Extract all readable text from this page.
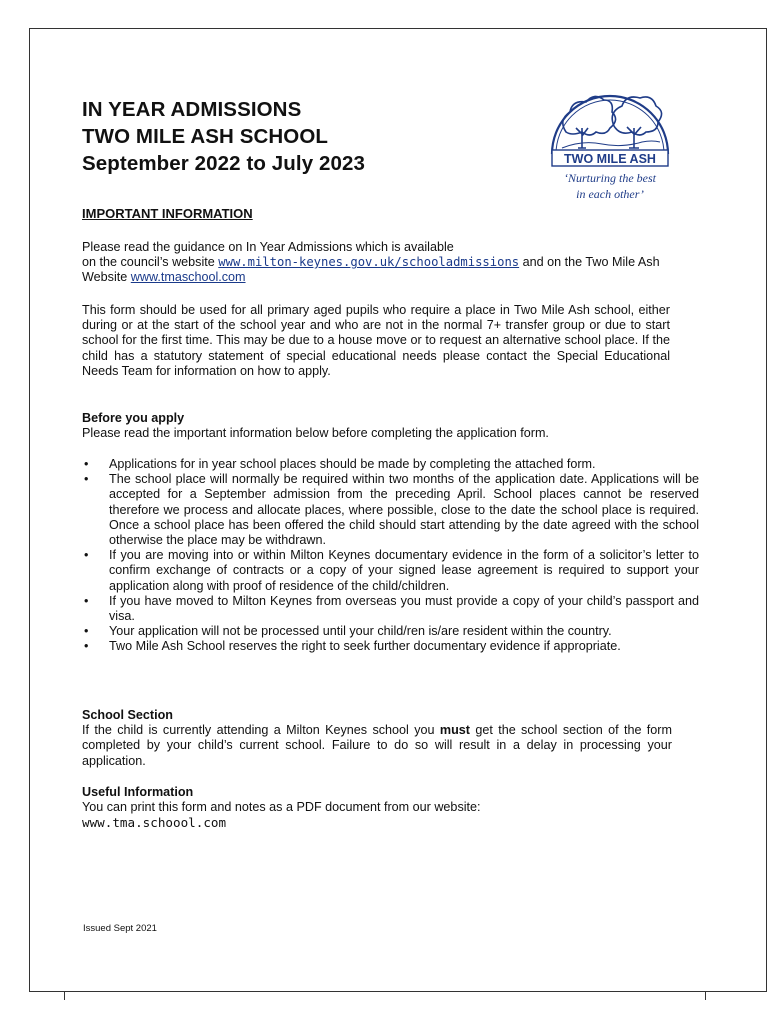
IN YEAR ADMISSIONS
TWO MILE ASH SCHOOL
September 2022 to July 2023	TWO MILE ASH
‘Nurturing the best
in each other’
IMPORTANT INFORMATION

Please read the guidance on In Year Admissions which is available
on the council’s website www.milton-keynes.gov.uk/schooladmissions and on the Two Mile Ash Website www.tmaschool.com

This form should be used for all primary aged pupils who require a place in Two Mile Ash school, either during or at the start of the school year and who are not in the normal 7+ transfer group or due to start school for the first time. This may be due to a house move or to request an alternative school place. If the child has a statutory statement of special educational needs please contact the Special Educational Needs Team for information on how to apply.

Before you apply

Please read the important information below before completing the application form.

• Applications for in year school places should be made by completing the attached form.
• The school place will normally be required within two months of the application date. Applications will be accepted for a September admission from the preceding April. School places cannot be reserved therefore we process and allocate places, where possible, close to the date the school place is required. Once a school place has been offered the child should start attending by the date agreed with the school otherwise the place may be withdrawn.
• If you are moving into or within Milton Keynes documentary evidence in the form of a solicitor’s letter to confirm exchange of contracts or a copy of your signed lease agreement is required to support your application along with proof of residence of the child/children.
• If you have moved to Milton Keynes from overseas you must provide a copy of your child’s passport and visa.
• Your application will not be processed until your child/ren is/are resident within the country.
• Two Mile Ash School reserves the right to seek further documentary evidence if appropriate.

School Section

If the child is currently attending a Milton Keynes school you must get the school section of the form completed by your child’s current school. Failure to do so will result in a delay in processing your application.

Useful Information

You can print this form and notes as a PDF document from our website:

www.tma.schoool.com

Issued Sept 2021
